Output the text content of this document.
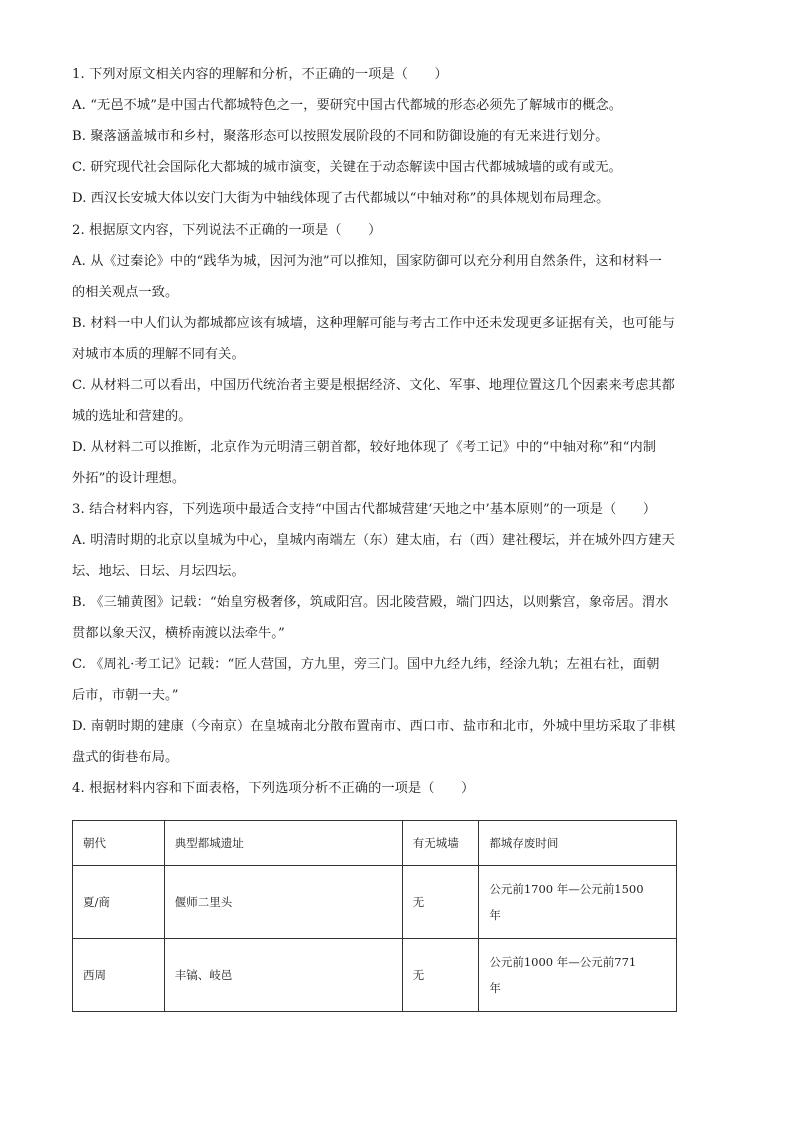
1. 下列对原文相关内容的理解和分析，不正确的一项是（　　）
A. “无邑不城”是中国古代都城特色之一，要研究中国古代都城的形态必须先了解城市的概念。
B. 聚落涵盖城市和乡村，聚落形态可以按照发展阶段的不同和防御设施的有无来进行划分。
C. 研究现代社会国际化大都城的城市演变，关键在于动态解读中国古代都城城墙的或有或无。
D. 西汉长安城大体以安门大街为中轴线体现了古代都城以“中轴对称”的具体规划布局理念。
2. 根据原文内容，下列说法不正确的一项是（　　）
A. 从《过秦论》中的“践华为城，因河为池”可以推知，国家防御可以充分利用自然条件，这和材料一
的相关观点一致。
B. 材料一中人们认为都城都应该有城墙，这种理解可能与考古工作中还未发现更多证据有关，也可能与
对城市本质的理解不同有关。
C. 从材料二可以看出，中国历代统治者主要是根据经济、文化、军事、地理位置这几个因素来考虑其都
城的选址和营建的。
D. 从材料二可以推断，北京作为元明清三朝首都，较好地体现了《考工记》中的“中轴对称”和“内制
外拓”的设计理想。
3. 结合材料内容，下列选项中最适合支持“中国古代都城营建‘天地之中’基本原则”的一项是（　　）
A. 明清时期的北京以皇城为中心，皇城内南端左（东）建太庙，右（西）建社稷坛，并在城外四方建天
坛、地坛、日坛、月坛四坛。
B. 《三辅黄图》记载：“始皇穷极奢侈，筑咸阳宫。因北陵营殿，端门四达，以则紫宫，象帝居。渭水
贯都以象天汉，横桥南渡以法牵牛。”
C. 《周礼·考工记》记载：“匠人营国，方九里，旁三门。国中九经九纬，经涂九轨；左祖右社，面朝
后市，市朝一夫。”
D. 南朝时期的建康（今南京）在皇城南北分散布置南市、西口市、盐市和北市，外城中里坊采取了非棋
盘式的街巷布局。
4. 根据材料内容和下面表格，下列选项分析不正确的一项是（　　）
朝代	典型都城遗址	有无城墙	都城存废时间
夏/商	偃师二里头	无	公元前1700 年—公元前1500
年

西周	丰镐、岐邑	无	公元前1000 年—公元前771
年
